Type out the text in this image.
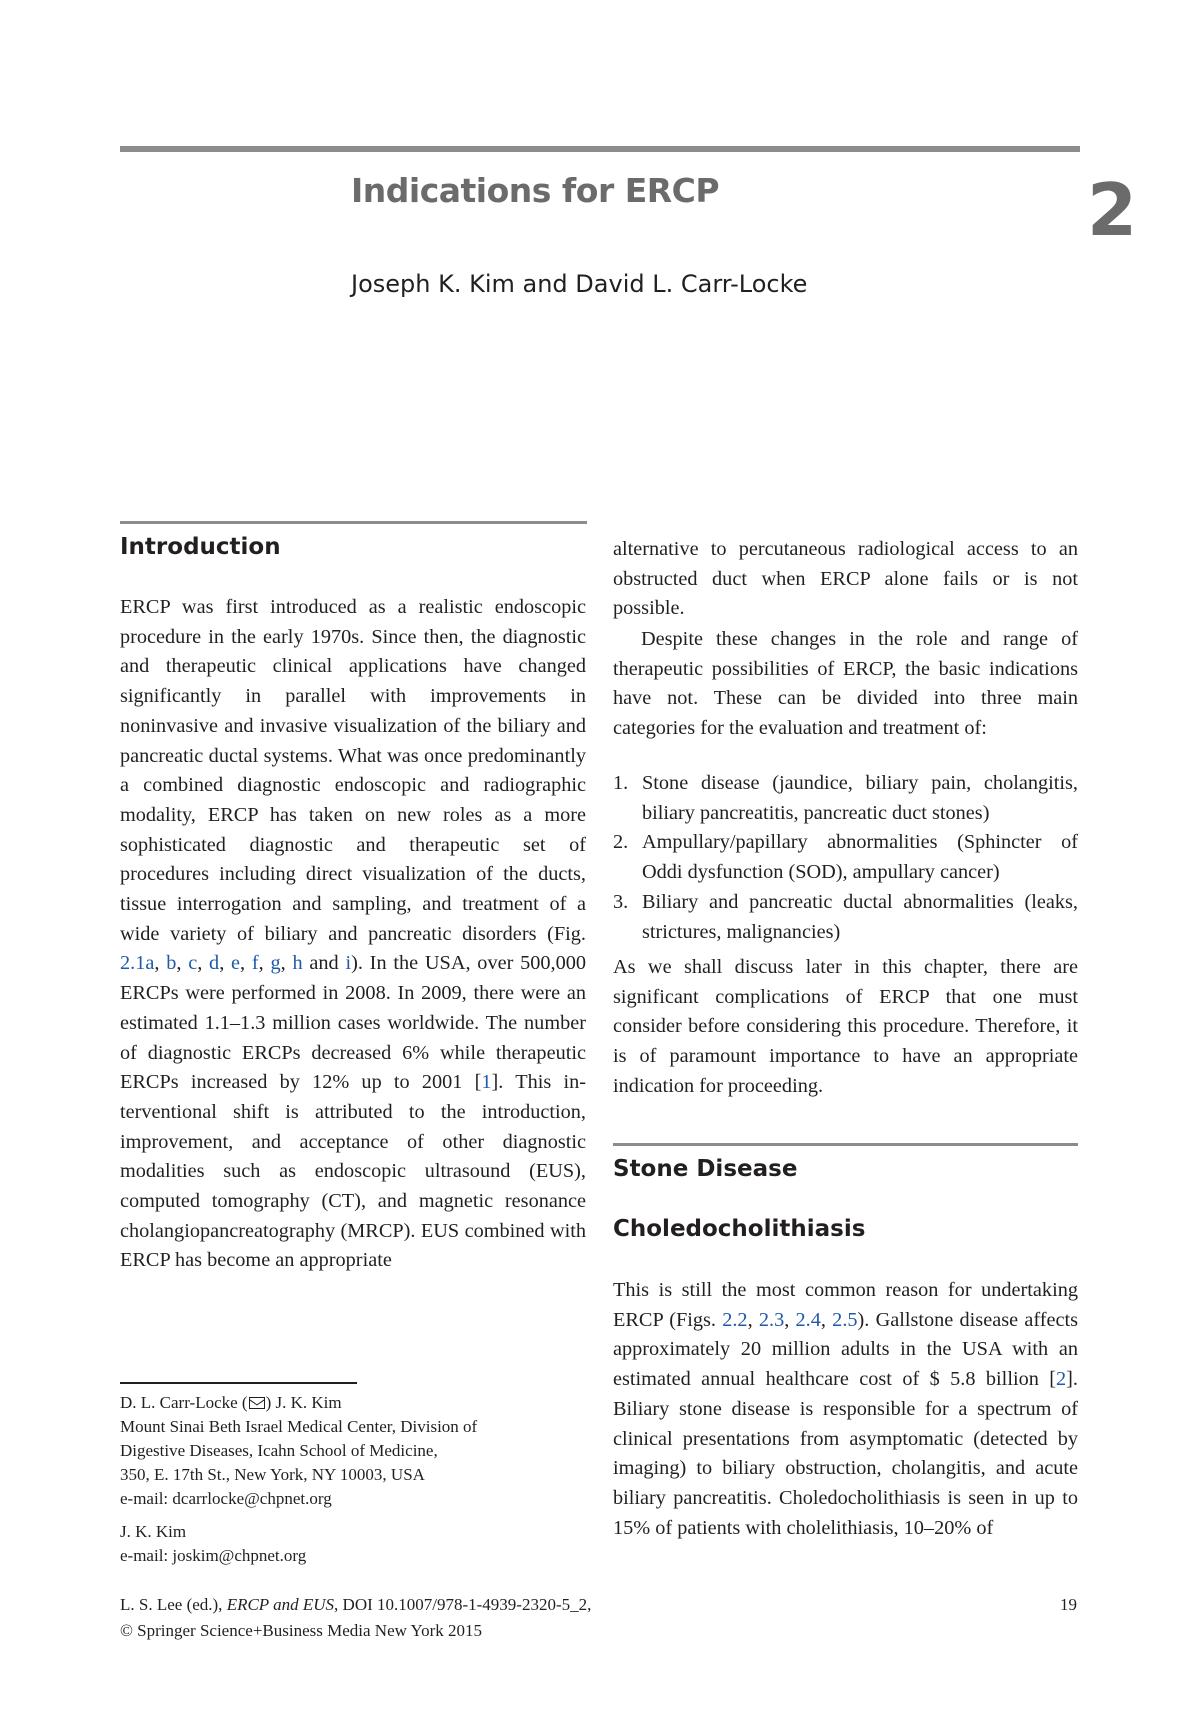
Indications for ERCP	2
Joseph K. Kim and David L. Carr-Locke
Introduction

ERCP was first introduced as a realistic endoscopic procedure in the early 1970s. Since then, the diagnostic and therapeutic clinical applications have changed significantly in parallel with improvements in noninvasive and invasive visualization of the biliary and pancreatic ductal systems. What was once predominantly a combined diagnostic endoscopic and radiographic modality, ERCP has taken on new roles as a more sophisticated diagnostic and therapeutic set of procedures including direct visualization of the ducts, tissue interrogation and sampling, and treatment of a wide variety of biliary and pancreatic disorders (Fig. 2.1a, b, c, d, e, f, g, h and i). In the USA, over 500,000 ERCPs were performed in 2008. In 2009, there were an estimated 1.1–1.3 million cases worldwide. The number of diagnostic ERCPs decreased 6% while therapeutic ERCPs increased by 12% up to 2001 [1]. This interventional shift is attributed to the introduction, improvement, and acceptance of other diagnostic modalities such as endoscopic ultrasound (EUS), computed tomography (CT), and magnetic resonance cholangiopancreatography (MRCP). EUS combined with ERCP has become an appropriate

D. L. Carr-Locke ( ) J. K. Kim
Mount Sinai Beth Israel Medical Center, Division of
Digestive Diseases, Icahn School of Medicine,
350, E. 17th St., New York, NY 10003, USA
e-mail: dcarrlocke@chpnet.org
J. K. Kim
e-mail: joskim@chpnet.org

alternative to percutaneous radiological access to an obstructed duct when ERCP alone fails or is not possible.

Despite these changes in the role and range of therapeutic possibilities of ERCP, the basic indications have not. These can be divided into three main categories for the evaluation and treatment of:

1. Stone disease (jaundice, biliary pain, cholangitis, biliary pancreatitis, pancreatic duct stones)
2. Ampullary/papillary abnormalities (Sphincter of Oddi dysfunction (SOD), ampullary cancer)
3. Biliary and pancreatic ductal abnormalities (leaks, strictures, malignancies)

As we shall discuss later in this chapter, there are significant complications of ERCP that one must consider before considering this procedure. Therefore, it is of paramount importance to have an appropriate indication for proceeding.

Stone Disease
Choledocholithiasis

This is still the most common reason for undertaking ERCP (Figs. 2.2, 2.3, 2.4, 2.5). Gallstone disease affects approximately 20 million adults in the USA with an estimated annual healthcare cost of $ 5.8 billion [2]. Biliary stone disease is responsible for a spectrum of clinical presentations from asymptomatic (detected by imaging) to biliary obstruction, cholangitis, and acute biliary pancreatitis. Choledocholithiasis is seen in up to 15% of patients with cholelithiasis, 10–20% of

L. S. Lee (ed.), ERCP and EUS, DOI 10.1007/978-1-4939-2320-5_2,
© Springer Science+Business Media New York 2015
19
